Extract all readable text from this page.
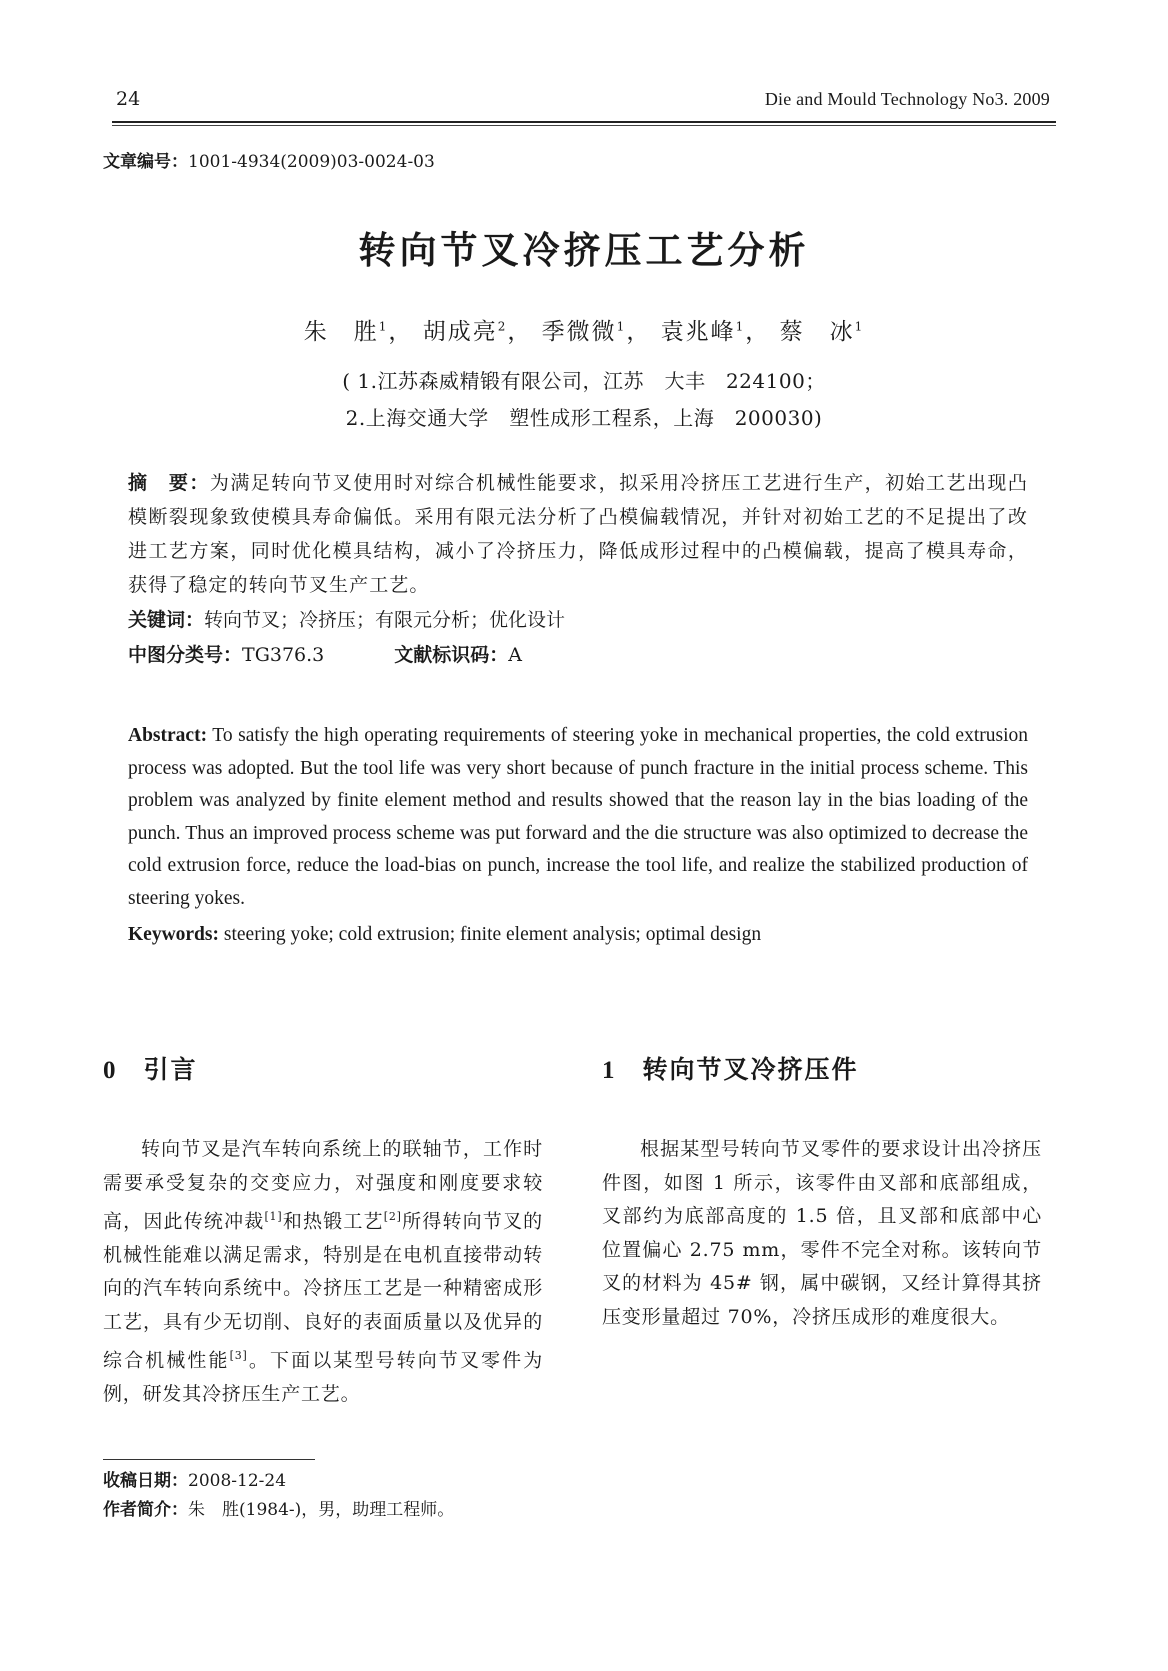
24	Die and Mould Technology No3. 2009
文章编号：1001-4934(2009)03-0024-03
转向节叉冷挤压工艺分析
朱　胜$^1$， 胡成亮$^2$， 季微微$^1$， 袁兆峰$^1$， 蔡　冰$^1$
( 1.江苏森威精锻有限公司，江苏　大丰　224100；
2.上海交通大学　塑性成形工程系，上海　200030)
摘　要：为满足转向节叉使用时对综合机械性能要求，拟采用冷挤压工艺进行生产，初始工艺出现凸模断裂现象致使模具寿命偏低。采用有限元法分析了凸模偏载情况，并针对初始工艺的不足提出了改进工艺方案，同时优化模具结构，减小了冷挤压力，降低成形过程中的凸模偏载，提高了模具寿命，获得了稳定的转向节叉生产工艺。
关键词：转向节叉；冷挤压；有限元分析；优化设计
中图分类号：TG376.3	文献标识码：A
Abstract: To satisfy the high operating requirements of steering yoke in mechanical properties, the cold extrusion process was adopted. But the tool life was very short because of punch fracture in the initial process scheme. This problem was analyzed by finite element method and results showed that the reason lay in the bias loading of the punch. Thus an improved process scheme was put forward and the die structure was also optimized to decrease the cold extrusion force, reduce the load-bias on punch, increase the tool life, and realize the stabilized production of steering yokes.
Keywords: steering yoke; cold extrusion; finite element analysis; optimal design
0 引言
转向节叉是汽车转向系统上的联轴节，工作时需要承受复杂的交变应力，对强度和刚度要求较高，因此传统冲裁[1]和热锻工艺[2]所得转向节叉的机械性能难以满足需求，特别是在电机直接带动转向的汽车转向系统中。冷挤压工艺是一种精密成形工艺，具有少无切削、良好的表面质量以及优异的综合机械性能[3]。下面以某型号转向节叉零件为例，研发其冷挤压生产工艺。
1 转向节叉冷挤压件
根据某型号转向节叉零件的要求设计出冷挤压件图，如图 1 所示，该零件由叉部和底部组成，叉部约为底部高度的 1.5 倍，且叉部和底部中心位置偏心 2.75 mm，零件不完全对称。该转向节叉的材料为 45# 钢，属中碳钢，又经计算得其挤压变形量超过 70%，冷挤压成形的难度很大。
收稿日期：2008-12-24
作者简介：朱　胜(1984-)，男，助理工程师。
